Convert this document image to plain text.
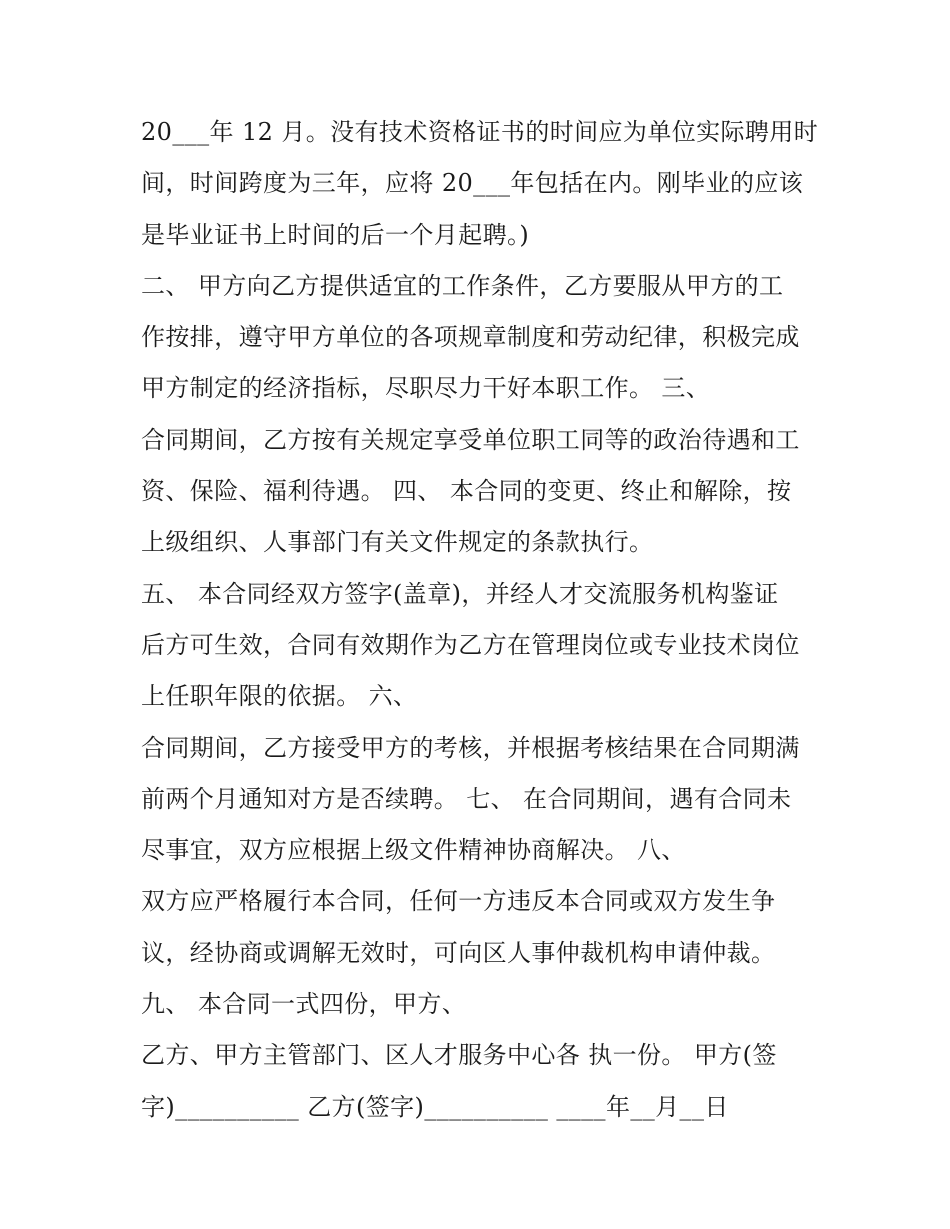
20___年 12 月。没有技术资格证书的时间应为单位实际聘用时
间，时间跨度为三年，应将 20___年包括在内。刚毕业的应该
是毕业证书上时间的后一个月起聘。)
二、 甲方向乙方提供适宜的工作条件，乙方要服从甲方的工
作按排，遵守甲方单位的各项规章制度和劳动纪律，积极完成
甲方制定的经济指标，尽职尽力干好本职工作。 三、
合同期间，乙方按有关规定享受单位职工同等的政治待遇和工
资、保险、福利待遇。 四、 本合同的变更、终止和解除，按
上级组织、人事部门有关文件规定的条款执行。
五、 本合同经双方签字(盖章)，并经人才交流服务机构鉴证
后方可生效，合同有效期作为乙方在管理岗位或专业技术岗位
上任职年限的依据。 六、
合同期间，乙方接受甲方的考核，并根据考核结果在合同期满
前两个月通知对方是否续聘。 七、 在合同期间，遇有合同未
尽事宜，双方应根据上级文件精神协商解决。 八、
双方应严格履行本合同，任何一方违反本合同或双方发生争
议，经协商或调解无效时，可向区人事仲裁机构申请仲裁。
九、 本合同一式四份，甲方、
乙方、甲方主管部门、区人才服务中心各 执一份。 甲方(签
字)__________ 乙方(签字)__________ ____年__月__日
